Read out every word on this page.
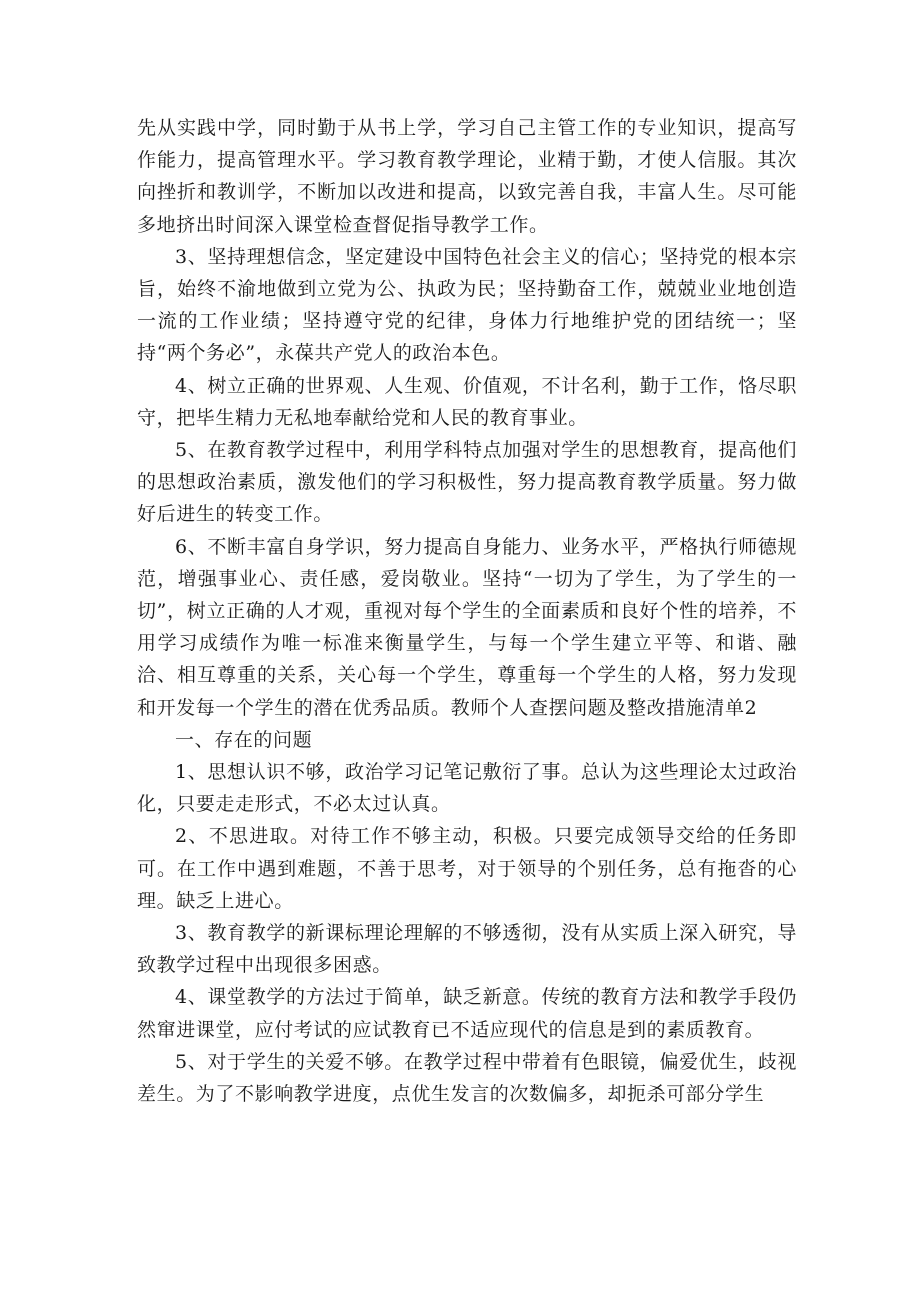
先从实践中学，同时勤于从书上学，学习自己主管工作的专业知识，提高写作能力，提高管理水平。学习教育教学理论，业精于勤，才使人信服。其次向挫折和教训学，不断加以改进和提高，以致完善自我，丰富人生。尽可能多地挤出时间深入课堂检查督促指导教学工作。

3、坚持理想信念，坚定建设中国特色社会主义的信心；坚持党的根本宗旨，始终不渝地做到立党为公、执政为民；坚持勤奋工作，兢兢业业地创造一流的工作业绩；坚持遵守党的纪律，身体力行地维护党的团结统一；坚持“两个务必”，永葆共产党人的政治本色。

4、树立正确的世界观、人生观、价值观，不计名利，勤于工作，恪尽职守，把毕生精力无私地奉献给党和人民的教育事业。

5、在教育教学过程中，利用学科特点加强对学生的思想教育，提高他们的思想政治素质，激发他们的学习积极性，努力提高教育教学质量。努力做好后进生的转变工作。

6、不断丰富自身学识，努力提高自身能力、业务水平，严格执行师德规范，增强事业心、责任感，爱岗敬业。坚持“一切为了学生，为了学生的一切”，树立正确的人才观，重视对每个学生的全面素质和良好个性的培养，不用学习成绩作为唯一标准来衡量学生，与每一个学生建立平等、和谐、融洽、相互尊重的关系，关心每一个学生，尊重每一个学生的人格，努力发现和开发每一个学生的潜在优秀品质。教师个人查摆问题及整改措施清单2

一、存在的问题

1、思想认识不够，政治学习记笔记敷衍了事。总认为这些理论太过政治化，只要走走形式，不必太过认真。

2、不思进取。对待工作不够主动，积极。只要完成领导交给的任务即可。在工作中遇到难题，不善于思考，对于领导的个别任务，总有拖沓的心理。缺乏上进心。

3、教育教学的新课标理论理解的不够透彻，没有从实质上深入研究，导致教学过程中出现很多困惑。

4、课堂教学的方法过于简单，缺乏新意。传统的教育方法和教学手段仍然窜进课堂，应付考试的应试教育已不适应现代的信息是到的素质教育。

5、对于学生的关爱不够。在教学过程中带着有色眼镜，偏爱优生，歧视差生。为了不影响教学进度，点优生发言的次数偏多，却扼杀可部分学生
